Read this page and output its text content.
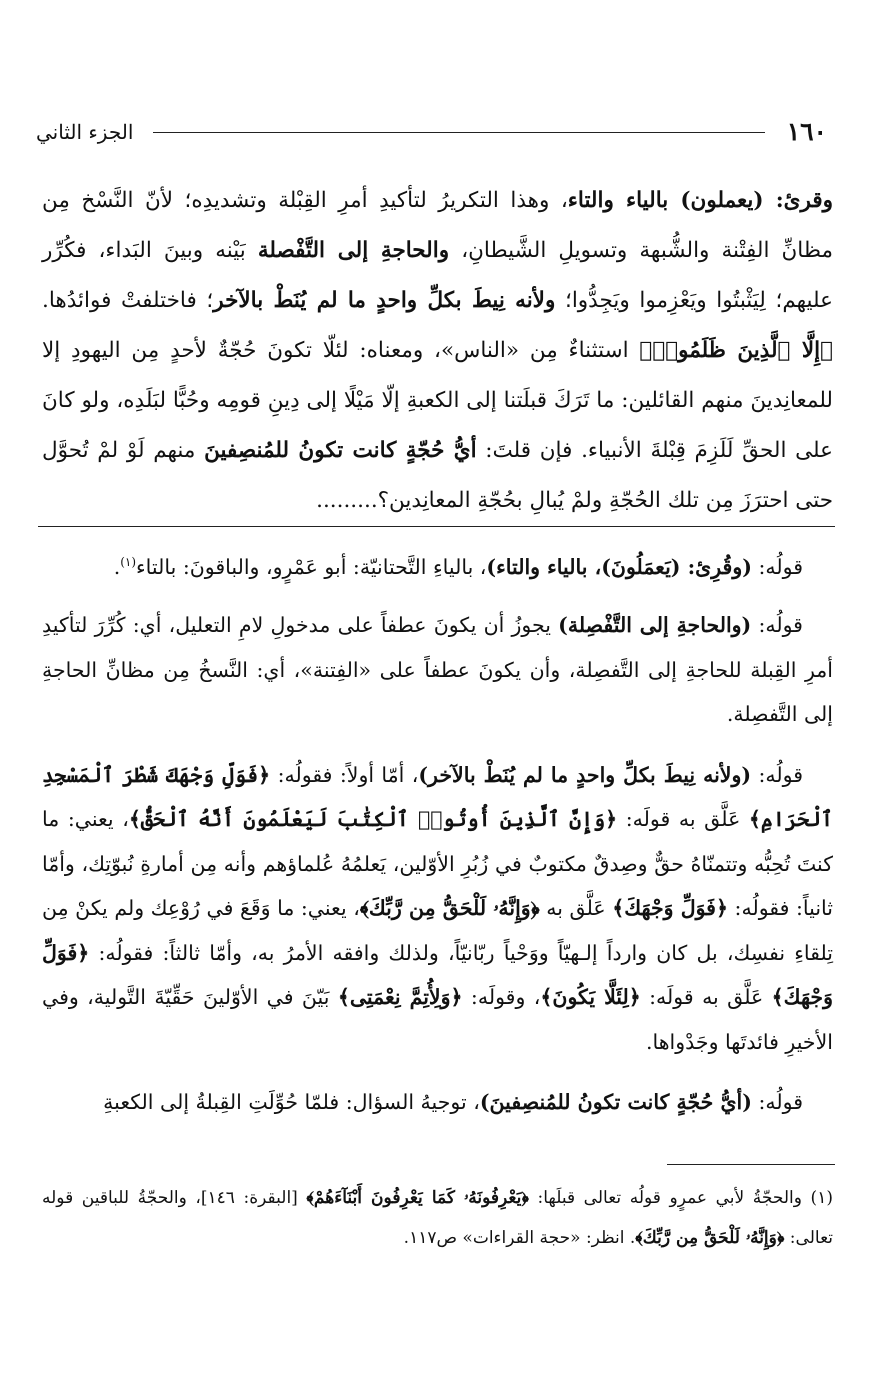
١٦٠
الجزء الثاني

وقرئ: (يعملون) بالياء والتاء، وهذا التكريرُ لتأكيدِ أمرِ القِبْلة وتشديدِه؛ لأنّ النَّسْخ مِن مظانِّ الفِتْنة والشُّبهة وتسويلِ الشَّيطانِ، والحاجةِ إلى التَّفْصلة بَيْنه وبينَ البَداء، فكُرِّر عليهم؛ لِيَثْبتُوا ويَعْزِموا ويَجِدُّوا؛ ولأنه نِيطَ بكلِّ واحدٍ ما لم يُنَطْ بالآخر؛ فاختلفتْ فوائدُها. ﴿إِلَّا ٱلَّذِينَ ظَلَمُوا۟﴾ استثناءٌ مِن «الناس»، ومعناه: لئلّا تكونَ حُجّةٌ لأحدٍ مِن اليهودِ إلا للمعانِدينَ منهم القائلين: ما تَرَكَ قبلَتنا إلى الكعبةِ إلّا مَيْلًا إلى دِينِ قومِه وحُبًّا لبَلَدِه، ولو كانَ على الحقِّ لَلَزِمَ قِبْلةَ الأنبياء. فإن قلتَ: أيُّ حُجّةٍ كانت تكونُ للمُنصِفينَ منهم لَوْ لمْ تُحوَّل حتى احترَزَ مِن تلك الحُجّةِ ولمْ يُبالِ بحُجّةِ المعانِدين؟.........

قولُه: (وقُرِئ: (يَعمَلُونَ)، بالياء والتاء)، بالياءِ التَّحتانيّة: أبو عَمْرٍو، والباقونَ: بالتاء$^{(١)}$.

قولُه: (والحاجةِ إلى التَّفْصِلة) يجوزُ أن يكونَ عطفاً على مدخولِ لامِ التعليل، أي: كُرِّرَ لتأكيدِ أمرِ القِبلة للحاجةِ إلى التَّفصِلة، وأن يكونَ عطفاً على «الفِتنة»، أي: النَّسخُ مِن مظانِّ الحاجةِ إلى التَّفصِلة.

قولُه: (ولأنه نِيطَ بكلِّ واحدٍ ما لم يُنَطْ بالآخر)، أمّا أولاً: فقولُه: ﴿فَوَلِّ وَجْهَكَ شَطْرَ ٱلْمَسْجِدِ ٱلْحَرَامِ﴾ عَلَّق به قولَه: ﴿وَإِنَّ ٱلَّذِينَ أُوتُوا۟ ٱلْكِتَٰبَ لَيَعْلَمُونَ أَنَّهُ ٱلْحَقُّ﴾، يعني: ما كنتَ تُحِبُّه وتتمنّاهُ حقٌّ وصِدقٌ مكتوبٌ في زُبُرِ الأوّلين، يَعلمُهُ عُلماؤهم وأنه مِن أمارةِ نُبوّتِك، وأمّا ثانياً: فقولُه: ﴿فَوَلِّ وَجْهَكَ﴾ عَلَّق به ﴿وَإِنَّهُۥ لَلْحَقُّ مِن رَّبِّكَ﴾، يعني: ما وَقَعَ في رُوْعِك ولم يكنْ مِن تِلقاءِ نفسِك، بل كان وارداً إلـهيّاً ووَحْياً ربّانيّاً، ولذلك وافقه الأمرُ به، وأمّا ثالثاً: فقولُه: ﴿فَوَلِّ وَجْهَكَ﴾ عَلَّق به قولَه: ﴿لِئَلَّا يَكُونَ﴾، وقولَه: ﴿وَلِأُتِمَّ نِعْمَتِى﴾ بَيّنَ في الأوّلينَ حَقِّيّةَ التَّولية، وفي الأخيرِ فائدتَها وجَدْواها.

قولُه: (أيُّ حُجّةٍ كانت تكونُ للمُنصِفينَ)، توجيهُ السؤال: فلمّا حُوِّلَتِ القِبلةُ إلى الكعبةِ

(١) والحجّةُ لأبي عمرٍو قولُه تعالى قبلَها: ﴿يَعْرِفُونَهُۥ كَمَا يَعْرِفُونَ أَبْنَآءَهُمْ﴾ [البقرة: ١٤٦]، والحجّةُ للباقين قوله تعالى: ﴿وَإِنَّهُۥ لَلْحَقُّ مِن رَّبِّكَ﴾. انظر: «حجة القراءات» ص١١٧.
